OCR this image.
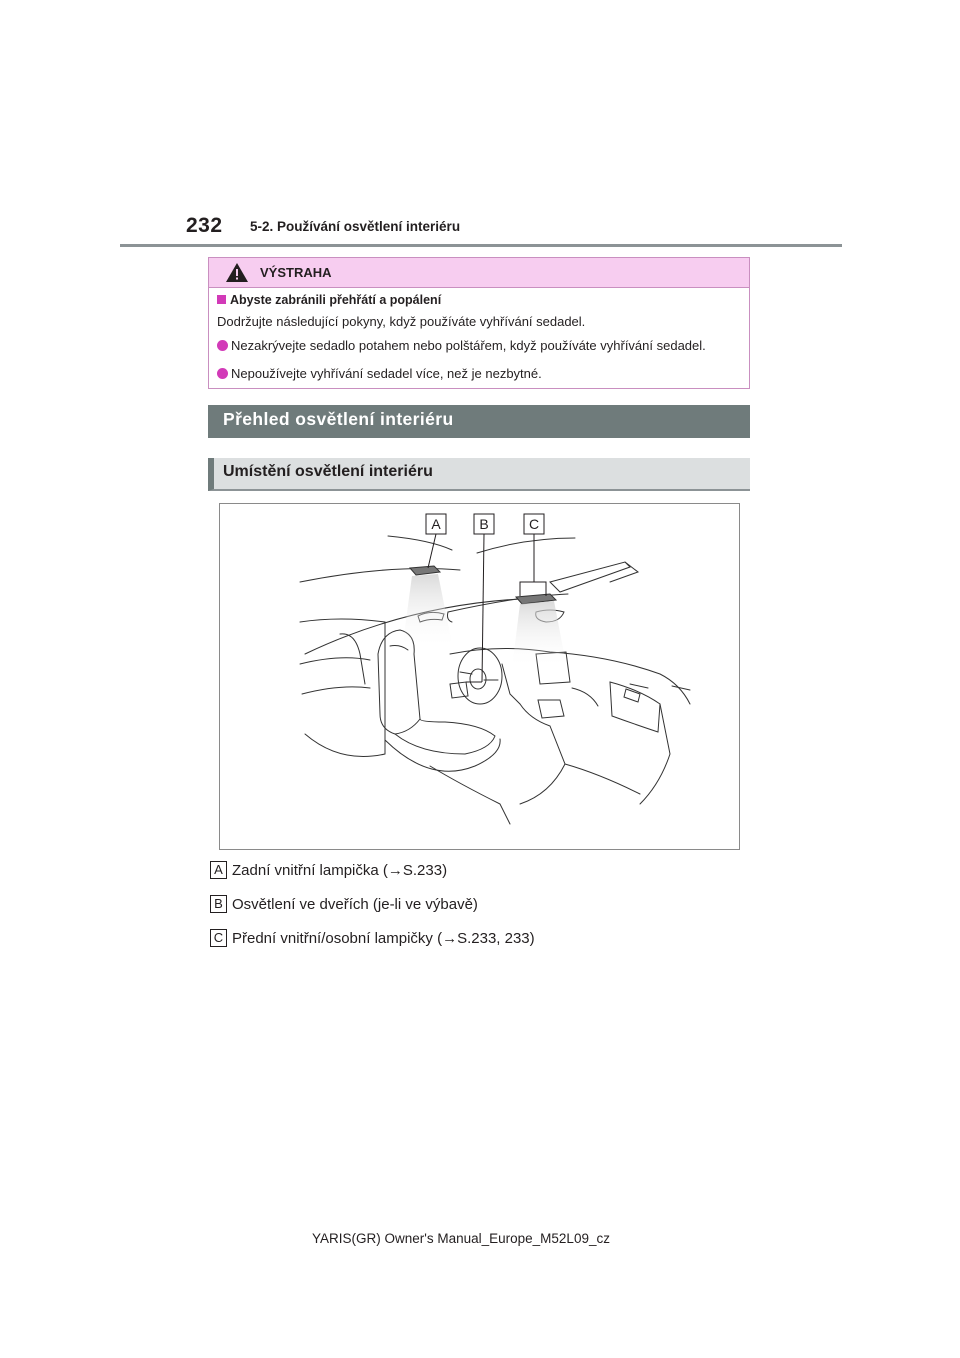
232 5-2. Používání osvětlení interiéru
VÝSTRAHA
Abyste zabránili přehřátí a popálení
Dodržujte následující pokyny, když používáte vyhřívání sedadel.
Nezakrývejte sedadlo potahem nebo polštářem, když používáte vyhřívání sedadel.
Nepoužívejte vyhřívání sedadel více, než je nezbytné.
Přehled osvětlení interiéru
Umístění osvětlení interiéru
A	B	C
A Zadní vnitřní lampička (→S.233)
B Osvětlení ve dveřích (je-li ve výbavě)
C Přední vnitřní/osobní lampičky (→S.233, 233)
YARIS(GR) Owner's Manual_Europe_M52L09_cz
